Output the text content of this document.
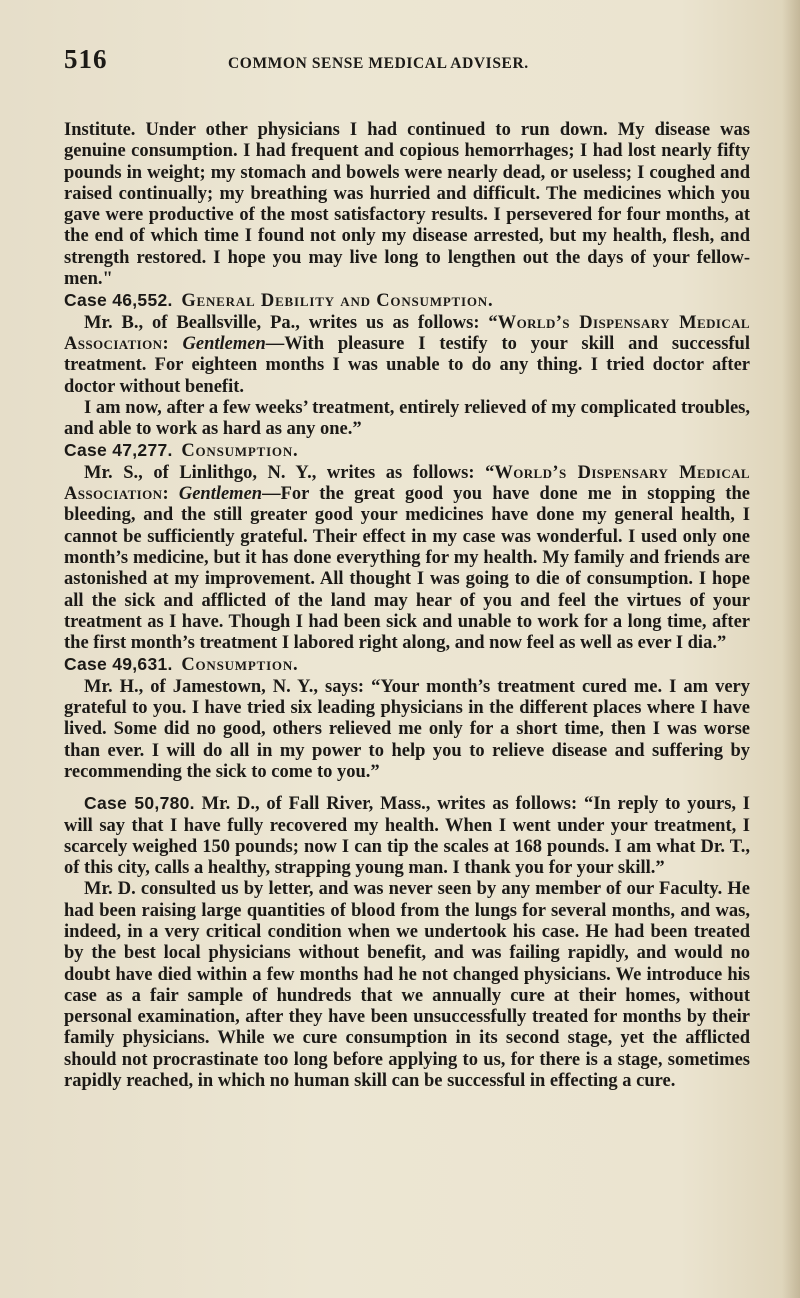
516	COMMON SENSE MEDICAL ADVISER.

Institute. Under other physicians I had continued to run down. My disease was genuine consumption. I had frequent and copious hemorrhages; I had lost nearly fifty pounds in weight; my stomach and bowels were nearly dead, or useless; I coughed and raised continually; my breathing was hurried and difficult. The medicines which you gave were productive of the most satisfactory results. I persevered for four months, at the end of which time I found not only my disease arrested, but my health, flesh, and strength restored. I hope you may live long to lengthen out the days of your fellow-men."

Case 46,552. General Debility and Consumption.

Mr. B., of Beallsville, Pa., writes us as follows: “World’s Dispensary Medical Association: Gentlemen—With pleasure I testify to your skill and successful treatment. For eighteen months I was unable to do any thing. I tried doctor after doctor without benefit.

I am now, after a few weeks’ treatment, entirely relieved of my complicated troubles, and able to work as hard as any one.”

Case 47,277. Consumption.

Mr. S., of Linlithgo, N. Y., writes as follows: “World’s Dispensary Medical Association: Gentlemen—For the great good you have done me in stopping the bleeding, and the still greater good your medicines have done my general health, I cannot be sufficiently grateful. Their effect in my case was wonderful. I used only one month’s medicine, but it has done everything for my health. My family and friends are astonished at my improvement. All thought I was going to die of consumption. I hope all the sick and afflicted of the land may hear of you and feel the virtues of your treatment as I have. Though I had been sick and unable to work for a long time, after the first month’s treatment I labored right along, and now feel as well as ever I dia.”

Case 49,631. Consumption.

Mr. H., of Jamestown, N. Y., says: “Your month’s treatment cured me. I am very grateful to you. I have tried six leading physicians in the different places where I have lived. Some did no good, others relieved me only for a short time, then I was worse than ever. I will do all in my power to help you to relieve disease and suffering by recommending the sick to come to you.”

Case 50,780. Mr. D., of Fall River, Mass., writes as follows: “In reply to yours, I will say that I have fully recovered my health. When I went under your treatment, I scarcely weighed 150 pounds; now I can tip the scales at 168 pounds. I am what Dr. T., of this city, calls a healthy, strapping young man. I thank you for your skill.”

Mr. D. consulted us by letter, and was never seen by any member of our Faculty. He had been raising large quantities of blood from the lungs for several months, and was, indeed, in a very critical condition when we undertook his case. He had been treated by the best local physicians without benefit, and was failing rapidly, and would no doubt have died within a few months had he not changed physicians. We introduce his case as a fair sample of hundreds that we annually cure at their homes, without personal examination, after they have been unsuccessfully treated for months by their family physicians. While we cure consumption in its second stage, yet the afflicted should not procrastinate too long before applying to us, for there is a stage, sometimes rapidly reached, in which no human skill can be successful in effecting a cure.
